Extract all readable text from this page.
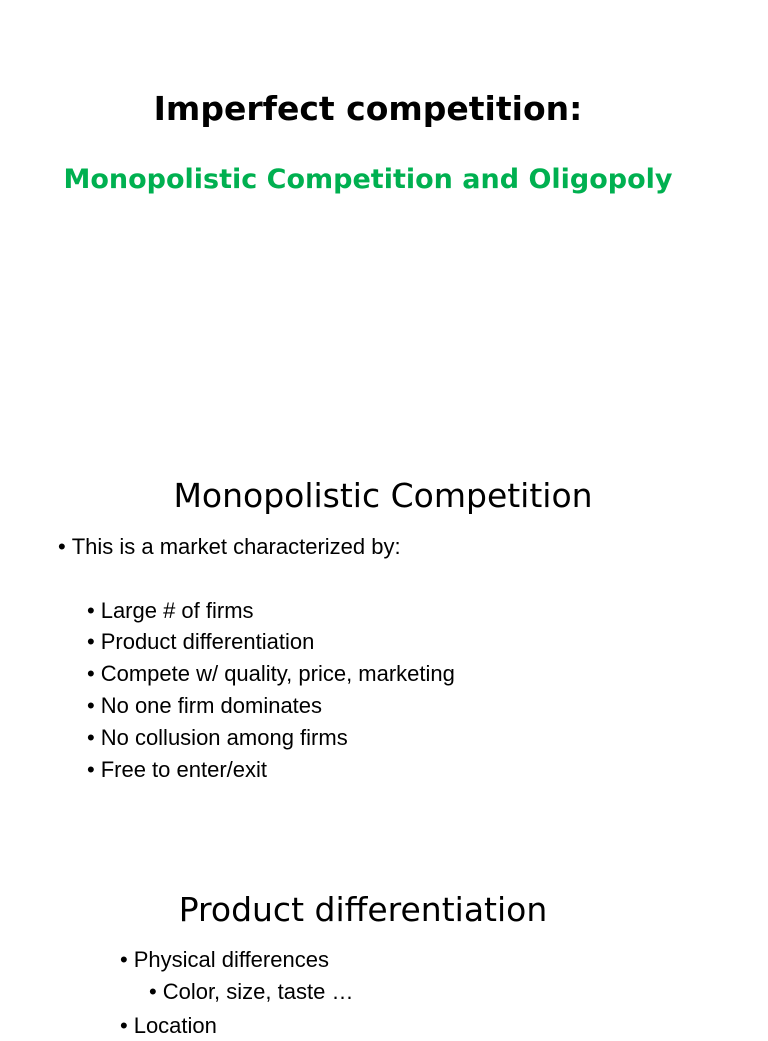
Imperfect competition:
Monopolistic Competition and Oligopoly
Monopolistic Competition

• This is a market characterized by:

• Large # of firms

• Product differentiation

• Compete w/ quality, price, marketing

• No one firm dominates

• No collusion among firms

• Free to enter/exit

Product differentiation

• Physical differences

• Color, size, taste …

• Location
